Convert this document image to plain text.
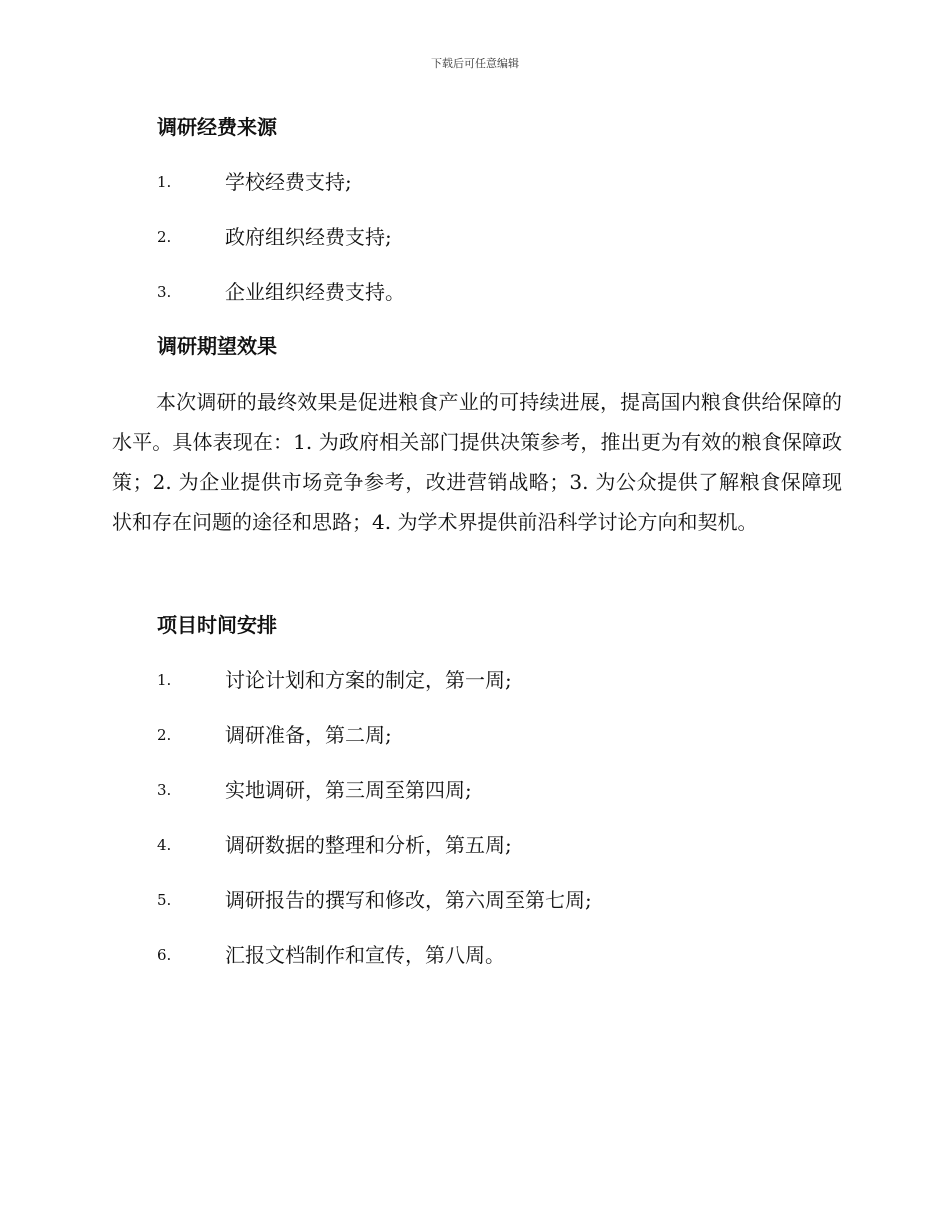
下载后可任意编辑
调研经费来源
1.	学校经费支持;
2.	政府组织经费支持;
3.	企业组织经费支持。
调研期望效果
本次调研的最终效果是促进粮食产业的可持续进展，提高国内粮食供给保障的水平。具体表现在：1. 为政府相关部门提供决策参考，推出更为有效的粮食保障政策；2. 为企业提供市场竞争参考，改进营销战略；3. 为公众提供了解粮食保障现状和存在问题的途径和思路；4. 为学术界提供前沿科学讨论方向和契机。
项目时间安排
1.	讨论计划和方案的制定，第一周;
2.	调研准备，第二周;
3.	实地调研，第三周至第四周;
4.	调研数据的整理和分析，第五周;
5.	调研报告的撰写和修改，第六周至第七周;
6.	汇报文档制作和宣传，第八周。
